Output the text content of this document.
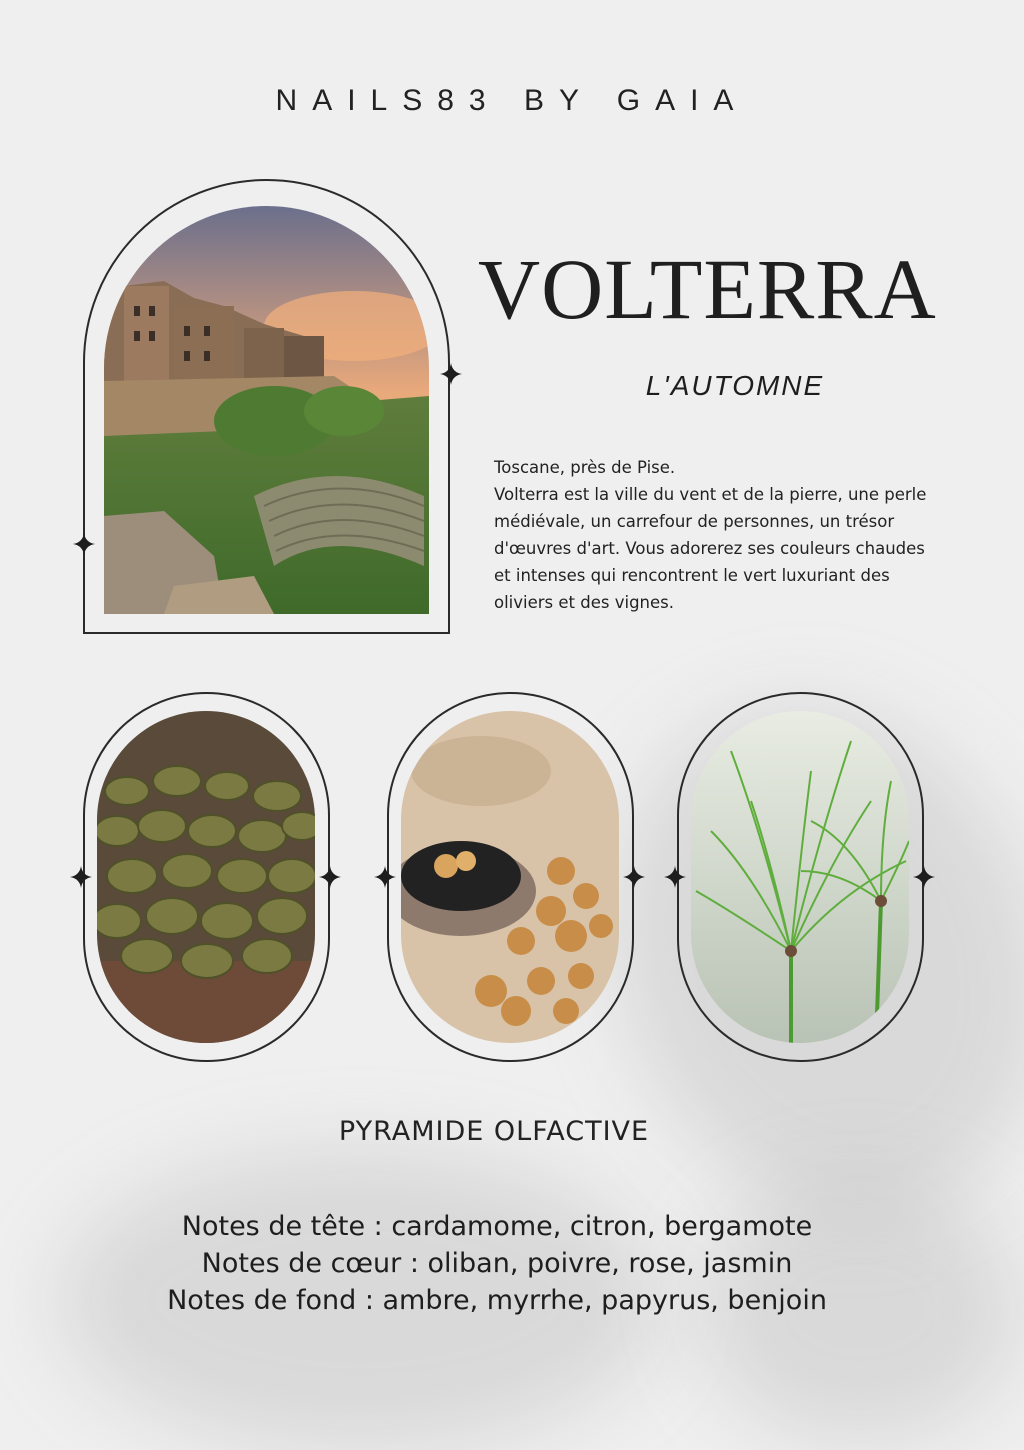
NAILS83 BY GAIA
VOLTERRA
L'AUTOMNE

Toscane, près de Pise.

Volterra est la ville du vent et de la pierre, une perle

médiévale, un carrefour de personnes, un trésor

d'œuvres d'art. Vous adorerez ses couleurs chaudes

et intenses qui rencontrent le vert luxuriant des

oliviers et des vignes.

PYRAMIDE OLFACTIVE
Notes de tête : cardamome, citron, bergamote
Notes de cœur : oliban, poivre, rose, jasmin
Notes de fond : ambre, myrrhe, papyrus, benjoin
